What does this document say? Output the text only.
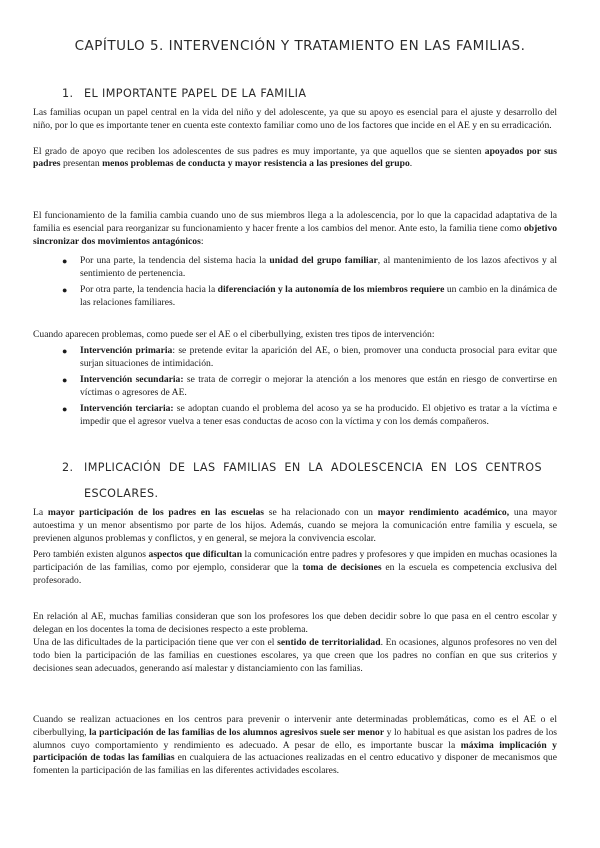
CAPÍTULO 5. INTERVENCIÓN Y TRATAMIENTO EN LAS FAMILIAS.
1. EL IMPORTANTE PAPEL DE LA FAMILIA

Las familias ocupan un papel central en la vida del niño y del adolescente, ya que su apoyo es esencial para el ajuste y desarrollo del niño, por lo que es importante tener en cuenta este contexto familiar como uno de los factores que incide en el AE y en su erradicación.

El grado de apoyo que reciben los adolescentes de sus padres es muy importante, ya que aquellos que se sienten apoyados por sus padres presentan menos problemas de conducta y mayor resistencia a las presiones del grupo.

El funcionamiento de la familia cambia cuando uno de sus miembros llega a la adolescencia, por lo que la capacidad adaptativa de la familia es esencial para reorganizar su funcionamiento y hacer frente a los cambios del menor. Ante esto, la familia tiene como objetivo sincronizar dos movimientos antagónicos:

● Por una parte, la tendencia del sistema hacia la unidad del grupo familiar, al mantenimiento de los lazos afectivos y al sentimiento de pertenencia.

● Por otra parte, la tendencia hacia la diferenciación y la autonomía de los miembros requiere un cambio en la dinámica de las relaciones familiares.

Cuando aparecen problemas, como puede ser el AE o el ciberbullying, existen tres tipos de intervención:

● Intervención primaria: se pretende evitar la aparición del AE, o bien, promover una conducta prosocial para evitar que surjan situaciones de intimidación.

● Intervención secundaria: se trata de corregir o mejorar la atención a los menores que están en riesgo de convertirse en víctimas o agresores de AE.

● Intervención terciaria: se adoptan cuando el problema del acoso ya se ha producido. El objetivo es tratar a la víctima e impedir que el agresor vuelva a tener esas conductas de acoso con la víctima y con los demás compañeros.

2. IMPLICACIÓN DE LAS FAMILIAS EN LA ADOLESCENCIA EN LOS CENTROS
ESCOLARES.

La mayor participación de los padres en las escuelas se ha relacionado con un mayor rendimiento académico, una mayor autoestima y un menor absentismo por parte de los hijos. Además, cuando se mejora la comunicación entre familia y escuela, se previenen algunos problemas y conflictos, y en general, se mejora la convivencia escolar.

Pero también existen algunos aspectos que dificultan la comunicación entre padres y profesores y que impiden en muchas ocasiones la participación de las familias, como por ejemplo, considerar que la toma de decisiones en la escuela es competencia exclusiva del profesorado.

En relación al AE, muchas familias consideran que son los profesores los que deben decidir sobre lo que pasa en el centro escolar y delegan en los docentes la toma de decisiones respecto a este problema.

Una de las dificultades de la participación tiene que ver con el sentido de territorialidad. En ocasiones, algunos profesores no ven del todo bien la participación de las familias en cuestiones escolares, ya que creen que los padres no confían en que sus criterios y decisiones sean adecuados, generando así malestar y distanciamiento con las familias.

Cuando se realizan actuaciones en los centros para prevenir o intervenir ante determinadas problemáticas, como es el AE o el ciberbullying, la participación de las familias de los alumnos agresivos suele ser menor y lo habitual es que asistan los padres de los alumnos cuyo comportamiento y rendimiento es adecuado. A pesar de ello, es importante buscar la máxima implicación y participación de todas las familias en cualquiera de las actuaciones realizadas en el centro educativo y disponer de mecanismos que fomenten la participación de las familias en las diferentes actividades escolares.
